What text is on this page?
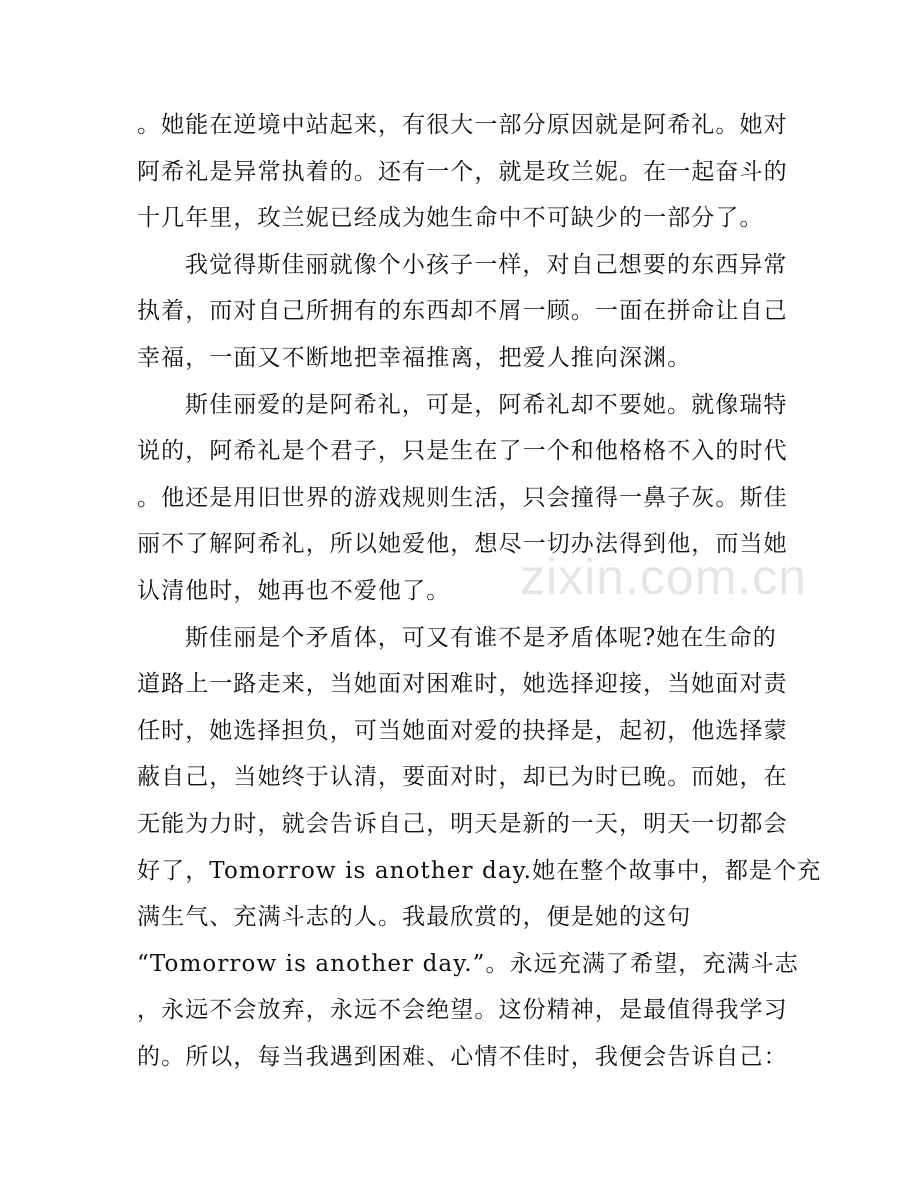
。她能在逆境中站起来，有很大一部分原因就是阿希礼。她对
阿希礼是异常执着的。还有一个，就是玫兰妮。在一起奋斗的
十几年里，玫兰妮已经成为她生命中不可缺少的一部分了。
我觉得斯佳丽就像个小孩子一样，对自己想要的东西异常
执着，而对自己所拥有的东西却不屑一顾。一面在拼命让自己
幸福，一面又不断地把幸福推离，把爱人推向深渊。
斯佳丽爱的是阿希礼，可是，阿希礼却不要她。就像瑞特
说的，阿希礼是个君子，只是生在了一个和他格格不入的时代
。他还是用旧世界的游戏规则生活，只会撞得一鼻子灰。斯佳
丽不了解阿希礼，所以她爱他，想尽一切办法得到他，而当她
认清他时，她再也不爱他了。
斯佳丽是个矛盾体，可又有谁不是矛盾体呢?她在生命的
道路上一路走来，当她面对困难时，她选择迎接，当她面对责
任时，她选择担负，可当她面对爱的抉择是，起初，他选择蒙
蔽自己，当她终于认清，要面对时，却已为时已晚。而她，在
无能为力时，就会告诉自己，明天是新的一天，明天一切都会
好了，Tomorrow is another day.她在整个故事中，都是个充
满生气、充满斗志的人。我最欣赏的，便是她的这句
“Tomorrow is another day.”。永远充满了希望，充满斗志
，永远不会放弃，永远不会绝望。这份精神，是最值得我学习
的。所以，每当我遇到困难、心情不佳时，我便会告诉自己：
zixin.com.cn
